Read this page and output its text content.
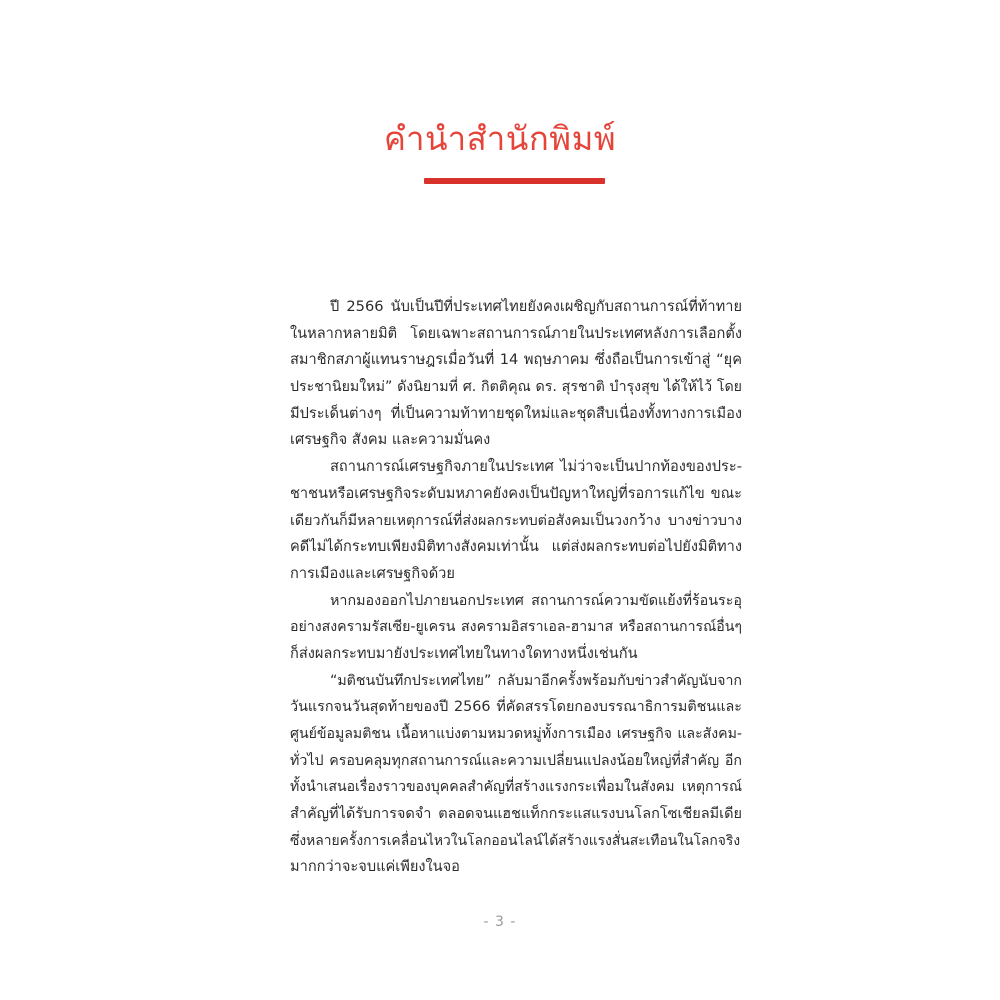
คำนำสำนักพิมพ์
ปี 2566 นับเป็นปีที่ประเทศไทยยังคงเผชิญกับสถานการณ์ที่ท้าทาย
ในหลากหลายมิติ โดยเฉพาะสถานการณ์ภายในประเทศหลังการเลือกตั้ง
สมาชิกสภาผู้แทนราษฎรเมื่อวันที่ 14 พฤษภาคม ซึ่งถือเป็นการเข้าสู่ “ยุค
ประชานิยมใหม่” ดังนิยามที่ ศ. กิตติคุณ ดร. สุรชาติ บำรุงสุข ได้ให้ไว้ โดย
มีประเด็นต่างๆ ที่เป็นความท้าทายชุดใหม่และชุดสืบเนื่องทั้งทางการเมือง
เศรษฐกิจ สังคม และความมั่นคง
สถานการณ์เศรษฐกิจภายในประเทศ ไม่ว่าจะเป็นปากท้องของประ-
ชาชนหรือเศรษฐกิจระดับมหภาคยังคงเป็นปัญหาใหญ่ที่รอการแก้ไข ขณะ
เดียวกันก็มีหลายเหตุการณ์ที่ส่งผลกระทบต่อสังคมเป็นวงกว้าง บางข่าวบาง
คดีไม่ได้กระทบเพียงมิติทางสังคมเท่านั้น แต่ส่งผลกระทบต่อไปยังมิติทาง
การเมืองและเศรษฐกิจด้วย
หากมองออกไปภายนอกประเทศ สถานการณ์ความขัดแย้งที่ร้อนระอุ
อย่างสงครามรัสเซีย-ยูเครน สงครามอิสราเอล-ฮามาส หรือสถานการณ์อื่นๆ
ก็ส่งผลกระทบมายังประเทศไทยในทางใดทางหนึ่งเช่นกัน
“มติชนบันทึกประเทศไทย” กลับมาอีกครั้งพร้อมกับข่าวสำคัญนับจาก
วันแรกจนวันสุดท้ายของปี 2566 ที่คัดสรรโดยกองบรรณาธิการมติชนและ
ศูนย์ข้อมูลมติชน เนื้อหาแบ่งตามหมวดหมู่ทั้งการเมือง เศรษฐกิจ และสังคม-
ทั่วไป ครอบคลุมทุกสถานการณ์และความเปลี่ยนแปลงน้อยใหญ่ที่สำคัญ อีก
ทั้งนำเสนอเรื่องราวของบุคคลสำคัญที่สร้างแรงกระเพื่อมในสังคม เหตุการณ์
สำคัญที่ได้รับการจดจำ ตลอดจนแฮชแท็กกระแสแรงบนโลกโซเชียลมีเดีย
ซึ่งหลายครั้งการเคลื่อนไหวในโลกออนไลน์ได้สร้างแรงสั่นสะเทือนในโลกจริง
มากกว่าจะจบแค่เพียงในจอ
- 3 -
